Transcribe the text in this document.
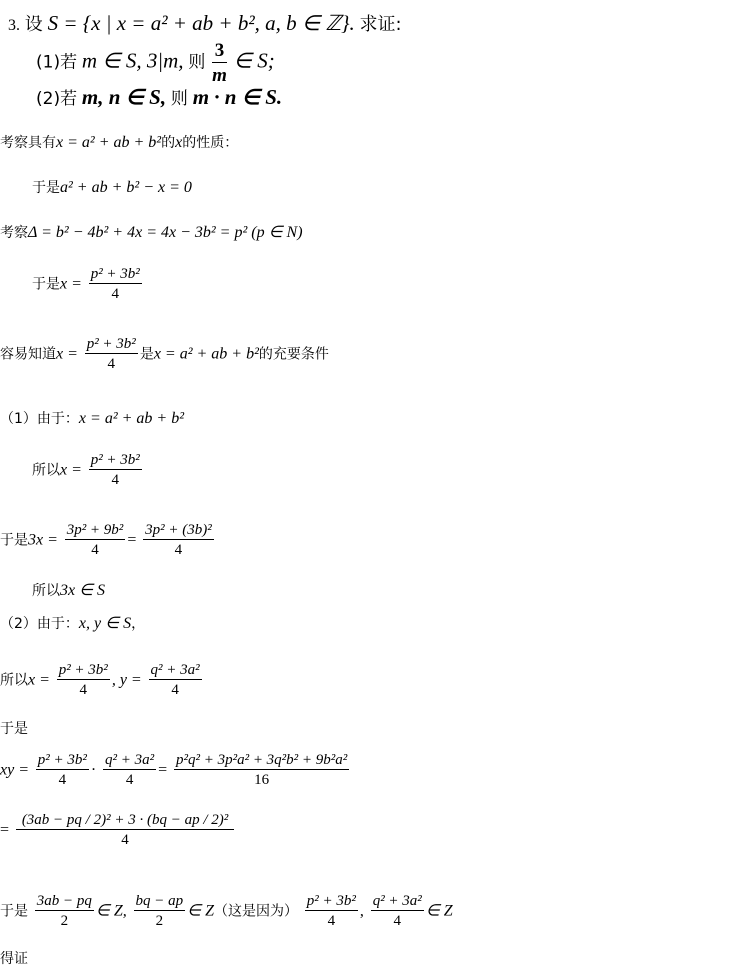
3. 设 S = {x | x = a² + ab + b², a, b ∈ ℤ}. 求证:
(1)若 m ∈ S, 3|m, 则 $\frac{3}{m}$ ∈ S;
(2)若 m, n ∈ S, 则 m · n ∈ S.
考察具有x = a² + ab + b²的x的性质：
于是a² + ab + b² − x = 0
考察Δ = b² − 4b² + 4x = 4x − 3b² = p² (p ∈ N)
于是$x = \frac{\text{p² + 3b²}}{4}$
容易知道$x = \frac{\text{p² + 3b²}}{4}$ 是x = a² + ab + b²的充要条件
（1）由于：x = a² + ab + b²
所以$x = \frac{\text{p² + 3b²}}{4}$
于是$3x = \frac{\text{3p² + 9b²}}{4} = \frac{\text{3p² + (3b)²}}{4}$
所以3x ∈ S
（2）由于：x, y ∈ S，
所以$x = \frac{\text{p² + 3b²}}{4}$ , $y = \frac{\text{q² + 3a²}}{4}$
于是
xy = $\frac{\text{p² + 3b²}}{4} \cdot \frac{\text{q² + 3a²}}{4} = \frac{\text{p²q² + 3p²a² + 3q²b² + 9b²a²}}{16}$
= $\frac{\text{(3ab − pq / 2)² + 3 · (bq − ap / 2)²}}{4}$
于是 $\frac{3ab - pq}{2}$ ∈ Z, $\frac{bq - ap}{2}$ ∈ Z（这是因为） $\frac{\text{p² + 3b²}}{4}$ , $\frac{\text{q² + 3a²}}{4}$ ∈ Z
得证
